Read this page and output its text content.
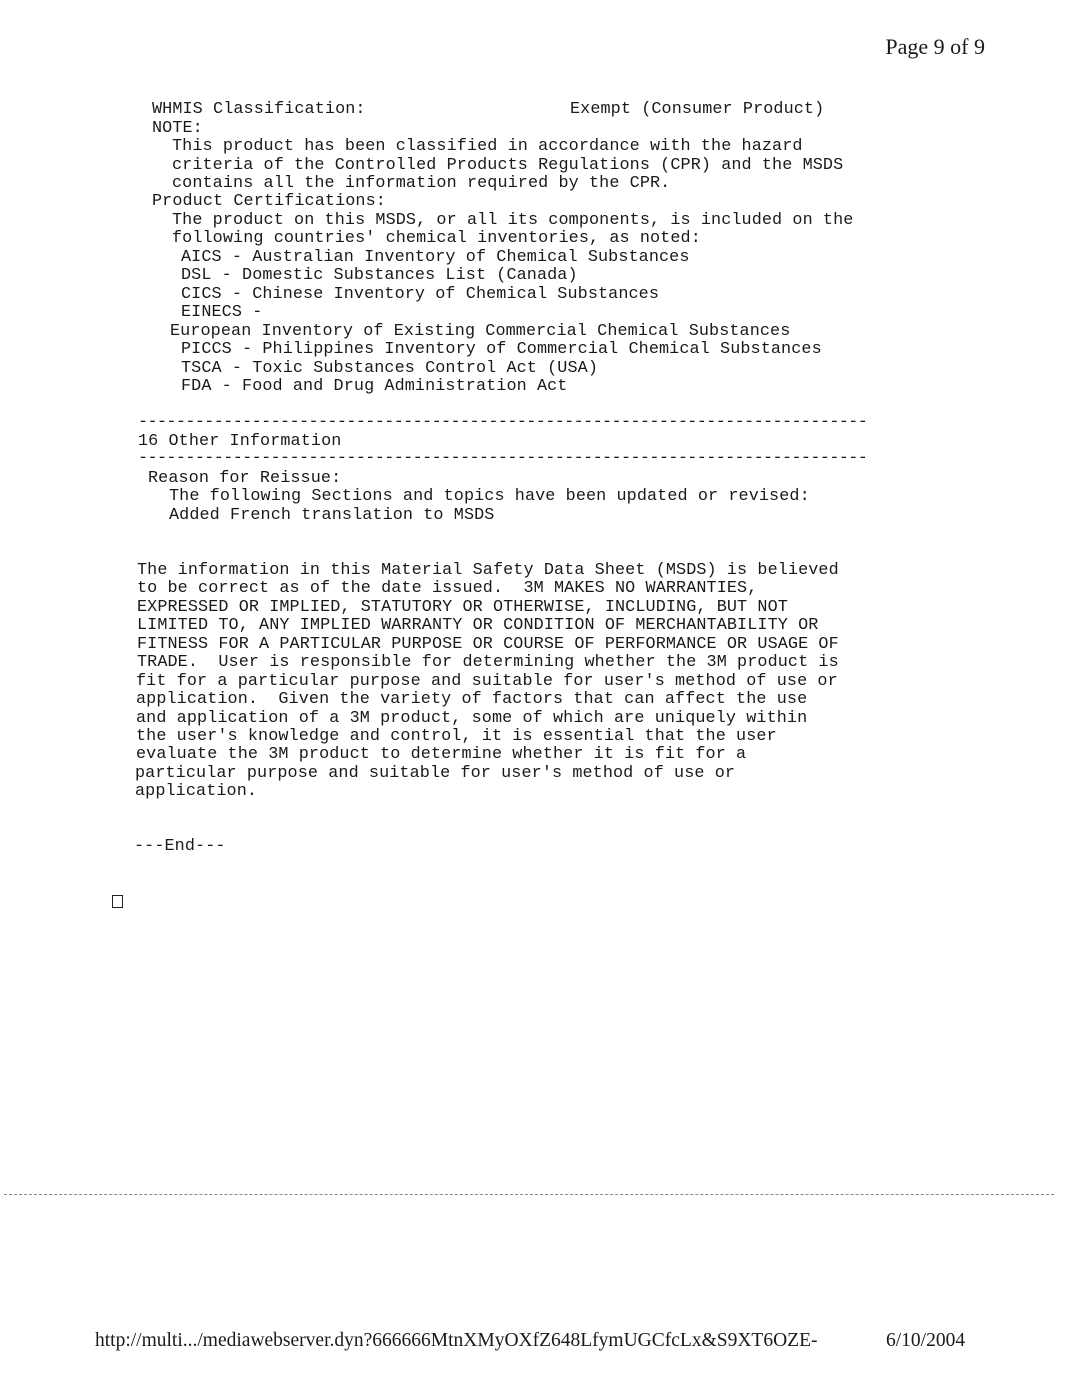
Page 9 of 9
WHMIS Classification:	Exempt (Consumer Product)
NOTE:
This product has been classified in accordance with the hazard
criteria of the Controlled Products Regulations (CPR) and the MSDS
contains all the information required by the CPR.
Product Certifications:
The product on this MSDS, or all its components, is included on the
following countries' chemical inventories, as noted:
AICS - Australian Inventory of Chemical Substances
DSL - Domestic Substances List (Canada)
CICS - Chinese Inventory of Chemical Substances
EINECS -
European Inventory of Existing Commercial Chemical Substances
PICCS - Philippines Inventory of Commercial Chemical Substances
TSCA - Toxic Substances Control Act (USA)
FDA - Food and Drug Administration Act
-----------------------------------------------------------------------------
16 Other Information
-----------------------------------------------------------------------------
Reason for Reissue:
The following Sections and topics have been updated or revised:
Added French translation to MSDS
The information in this Material Safety Data Sheet (MSDS) is believed
to be correct as of the date issued.  3M MAKES NO WARRANTIES,
EXPRESSED OR IMPLIED, STATUTORY OR OTHERWISE, INCLUDING, BUT NOT
LIMITED TO, ANY IMPLIED WARRANTY OR CONDITION OF MERCHANTABILITY OR
FITNESS FOR A PARTICULAR PURPOSE OR COURSE OF PERFORMANCE OR USAGE OF
TRADE.  User is responsible for determining whether the 3M product is
fit for a particular purpose and suitable for user's method of use or
application.  Given the variety of factors that can affect the use
and application of a 3M product, some of which are uniquely within
the user's knowledge and control, it is essential that the user
evaluate the 3M product to determine whether it is fit for a
particular purpose and suitable for user's method of use or
application.
---End---
http://multi.../mediawebserver.dyn?666666MtnXMyOXfZ648LfymUGCfcLx&S9XT6OZE-	6/10/2004
